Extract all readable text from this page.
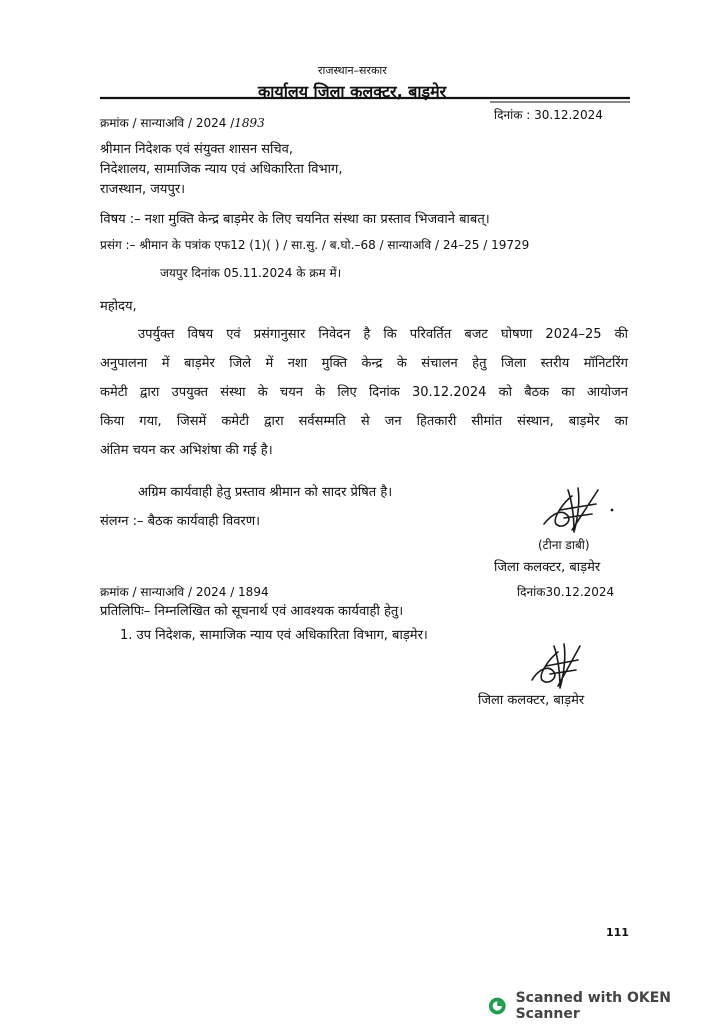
राजस्थान–सरकार
कार्यालय जिला कलक्टर, बाड़मेर
क्रमांक / सान्याअवि / 2024 /1893
दिनांक : 30.12.2024
श्रीमान निदेशक एवं संयुक्त शासन सचिव,
निदेशालय, सामाजिक न्याय एवं अधिकारिता विभाग,
राजस्थान, जयपुर।
विषय :– नशा मुक्ति केन्द्र बाड़मेर के लिए चयनित संस्था का प्रस्ताव भिजवाने बाबत्।
प्रसंग :– श्रीमान के पत्रांक एफ12 (1)( ) / सा.सु. / ब.घो.–68 / सान्याअवि / 24–25 / 19729
जयपुर दिनांक 05.11.2024 के क्रम में।
महोदय,
उपर्युक्त विषय एवं प्रसंगानुसार निवेदन है कि परिवर्तित बजट घोषणा 2024–25 की
अनुपालना में बाड़मेर जिले में नशा मुक्ति केन्द्र के संचालन हेतु जिला स्तरीय मॉनिटरिंग
कमेटी द्वारा उपयुक्त संस्था के चयन के लिए दिनांक 30.12.2024 को बैठक का आयोजन
किया गया, जिसमें कमेटी द्वारा सर्वसम्मति से जन हितकारी सीमांत संस्थान, बाड़मेर का
अंतिम चयन कर अभिशंषा की गई है।
अग्रिम कार्यवाही हेतु प्रस्ताव श्रीमान को सादर प्रेषित है।
संलग्न :– बैठक कार्यवाही विवरण।
(टीना डाबी)
जिला कलक्टर, बाड़मेर
क्रमांक / सान्याअवि / 2024 / 1894	दिनांक30.12.2024
प्रतिलिपिः– निम्नलिखित को सूचनार्थ एवं आवश्यक कार्यवाही हेतु।
1. उप निदेशक, सामाजिक न्याय एवं अधिकारिता विभाग, बाड़मेर।
जिला कलक्टर, बाड़मेर
111
Scanned with OKEN Scanner
